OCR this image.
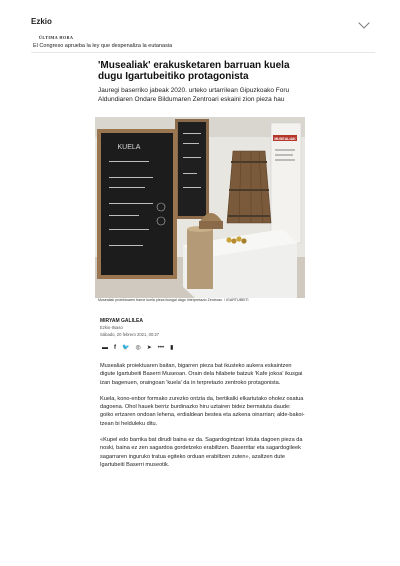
Ezkio
ÚLTIMA HORA
El Congreso aprueba la ley que despenaliza la eutanasia
'Musealiak' erakusketaren barruan kuela dugu Igartubeitiko protagonista

Jauregi baserriko jabeak 2020. urteko urtarrilean Gipuzkoako Foru Aldundiaren Ondare Bildumaren Zentroari eskaini zion pieza hau

MUSEALIAK
KUELA
Musealiak proiektuaren barne kuela pieza ikusgai dago Interpretazio Zentroan. / IGARTUBEITI
MIRYAM GALILEA
Ezkio-Itsaso
Sábado, 20 febrero 2021, 00:27
▬ f 🐦 ◎ ➤ ••• ▮

Musealiak proiektuaren baitan, bigarren pieza bat ikusteko aukera eskaintzen digute Igartubeiti Baserri Museoan. Orain dela hilabete batzuk 'Kafe jokoa' ikusgai izan bagenuen, oraingoan 'kuela' da in terpretazio zentroko protagonista.

Kuela, kono-enbor formako zurezko ontzia da, bertikalki elkartutako oholez osatua dagoena. Ohol hauek berriz burdinazko hiru uztairen bidez bermatuta daude: goiko ertzaren ondoan lehena, erdialdean bestea eta azkena oinarrian; alde-bakoi-tzean bi helduleku ditu.

«Kupel edo barrika bat dirudi baina ez da. Sagardogintzari lotuta dagoen pieza da noski, baina ez zen sagardoa gordetzeko erabiltzen. Baserritar eta sagardogileek sagarraren inguruko tratua egiteko orduan erabiltzen zuten», azaltzen dute Igartubeiti Baserri museotik.
